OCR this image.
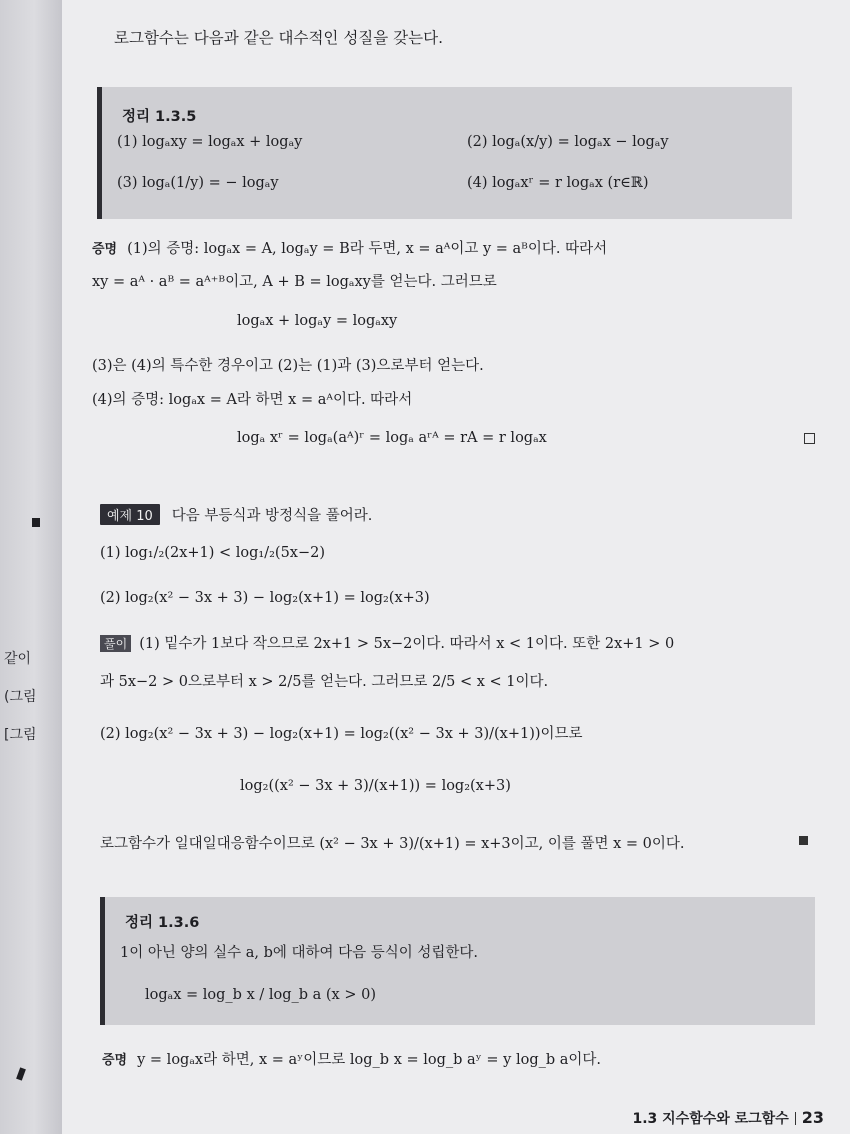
같이
(그림
[그림
로그함수는 다음과 같은 대수적인 성질을 갖는다.
정리 1.3.5
(1) logₐxy = logₐx + logₐy	(2) logₐ(x/y) = logₐx − logₐy
(3) logₐ(1/y) = − logₐy	(4) logₐxʳ = r logₐx (r∈ℝ)
증명 (1)의 증명: logₐx = A, logₐy = B라 두면, x = aᴬ이고 y = aᴮ이다. 따라서
xy = aᴬ · aᴮ = aᴬ⁺ᴮ이고, A + B = logₐxy를 얻는다. 그러므로
logₐx + logₐy = logₐxy
(3)은 (4)의 특수한 경우이고 (2)는 (1)과 (3)으로부터 얻는다.
(4)의 증명: logₐx = A라 하면 x = aᴬ이다. 따라서
logₐ xʳ = logₐ(aᴬ)ʳ = logₐ aʳᴬ = rA = r logₐx
예제 10 다음 부등식과 방정식을 풀어라.
(1) log₁/₂(2x+1) < log₁/₂(5x−2)
(2) log₂(x² − 3x + 3) − log₂(x+1) = log₂(x+3)
풀이 (1) 밑수가 1보다 작으므로 2x+1 > 5x−2이다. 따라서 x < 1이다. 또한 2x+1 > 0
과 5x−2 > 0으로부터 x > 2/5를 얻는다. 그러므로 2/5 < x < 1이다.
(2) log₂(x² − 3x + 3) − log₂(x+1) = log₂((x² − 3x + 3)/(x+1))이므로
log₂((x² − 3x + 3)/(x+1)) = log₂(x+3)
로그함수가 일대일대응함수이므로 (x² − 3x + 3)/(x+1) = x+3이고, 이를 풀면 x = 0이다.
정리 1.3.6
1이 아닌 양의 실수 a, b에 대하여 다음 등식이 성립한다.
logₐx = log_b x / log_b a (x > 0)
증명 y = logₐx라 하면, x = aʸ이므로 log_b x = log_b aʸ = y log_b a이다.
1.3 지수함수와 로그함수 23
